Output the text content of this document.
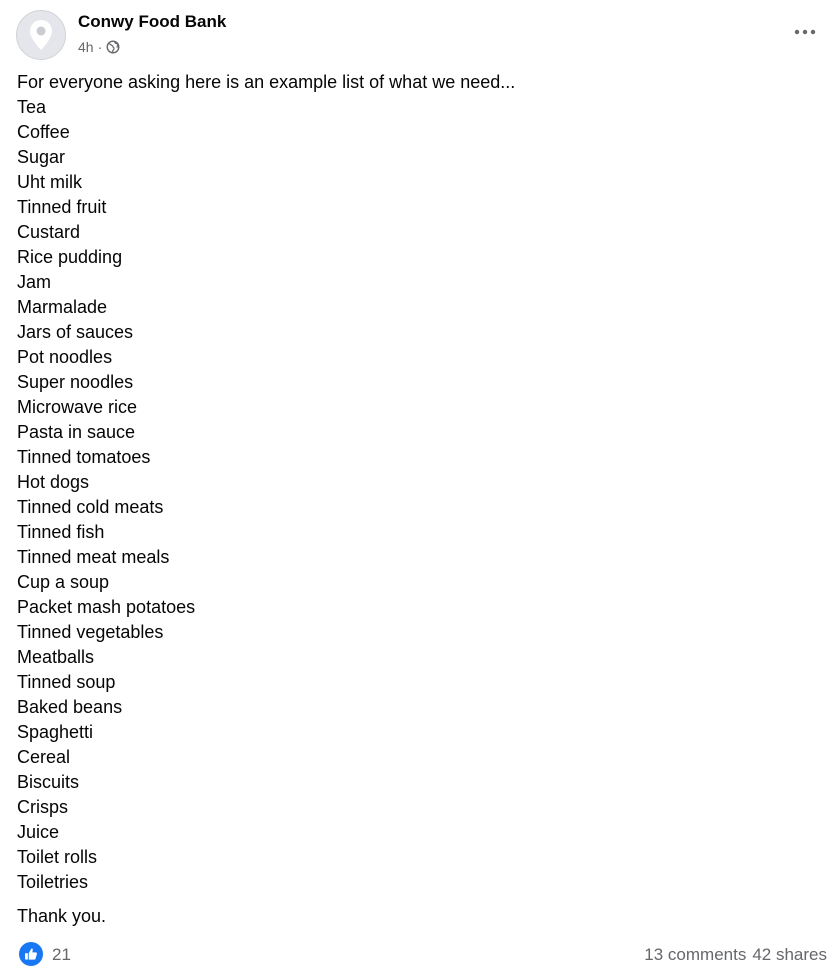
Conwy Food Bank
4h ·
For everyone asking here is an example list of what we need...
Tea
Coffee
Sugar
Uht milk
Tinned fruit
Custard
Rice pudding
Jam
Marmalade
Jars of sauces
Pot noodles
Super noodles
Microwave rice
Pasta in sauce
Tinned tomatoes
Hot dogs
Tinned cold meats
Tinned fish
Tinned meat meals
Cup a soup
Packet mash potatoes
Tinned vegetables
Meatballs
Tinned soup
Baked beans
Spaghetti
Cereal
Biscuits
Crisps
Juice
Toilet rolls
Toiletries
Thank you.
21	13 comments 42 shares
